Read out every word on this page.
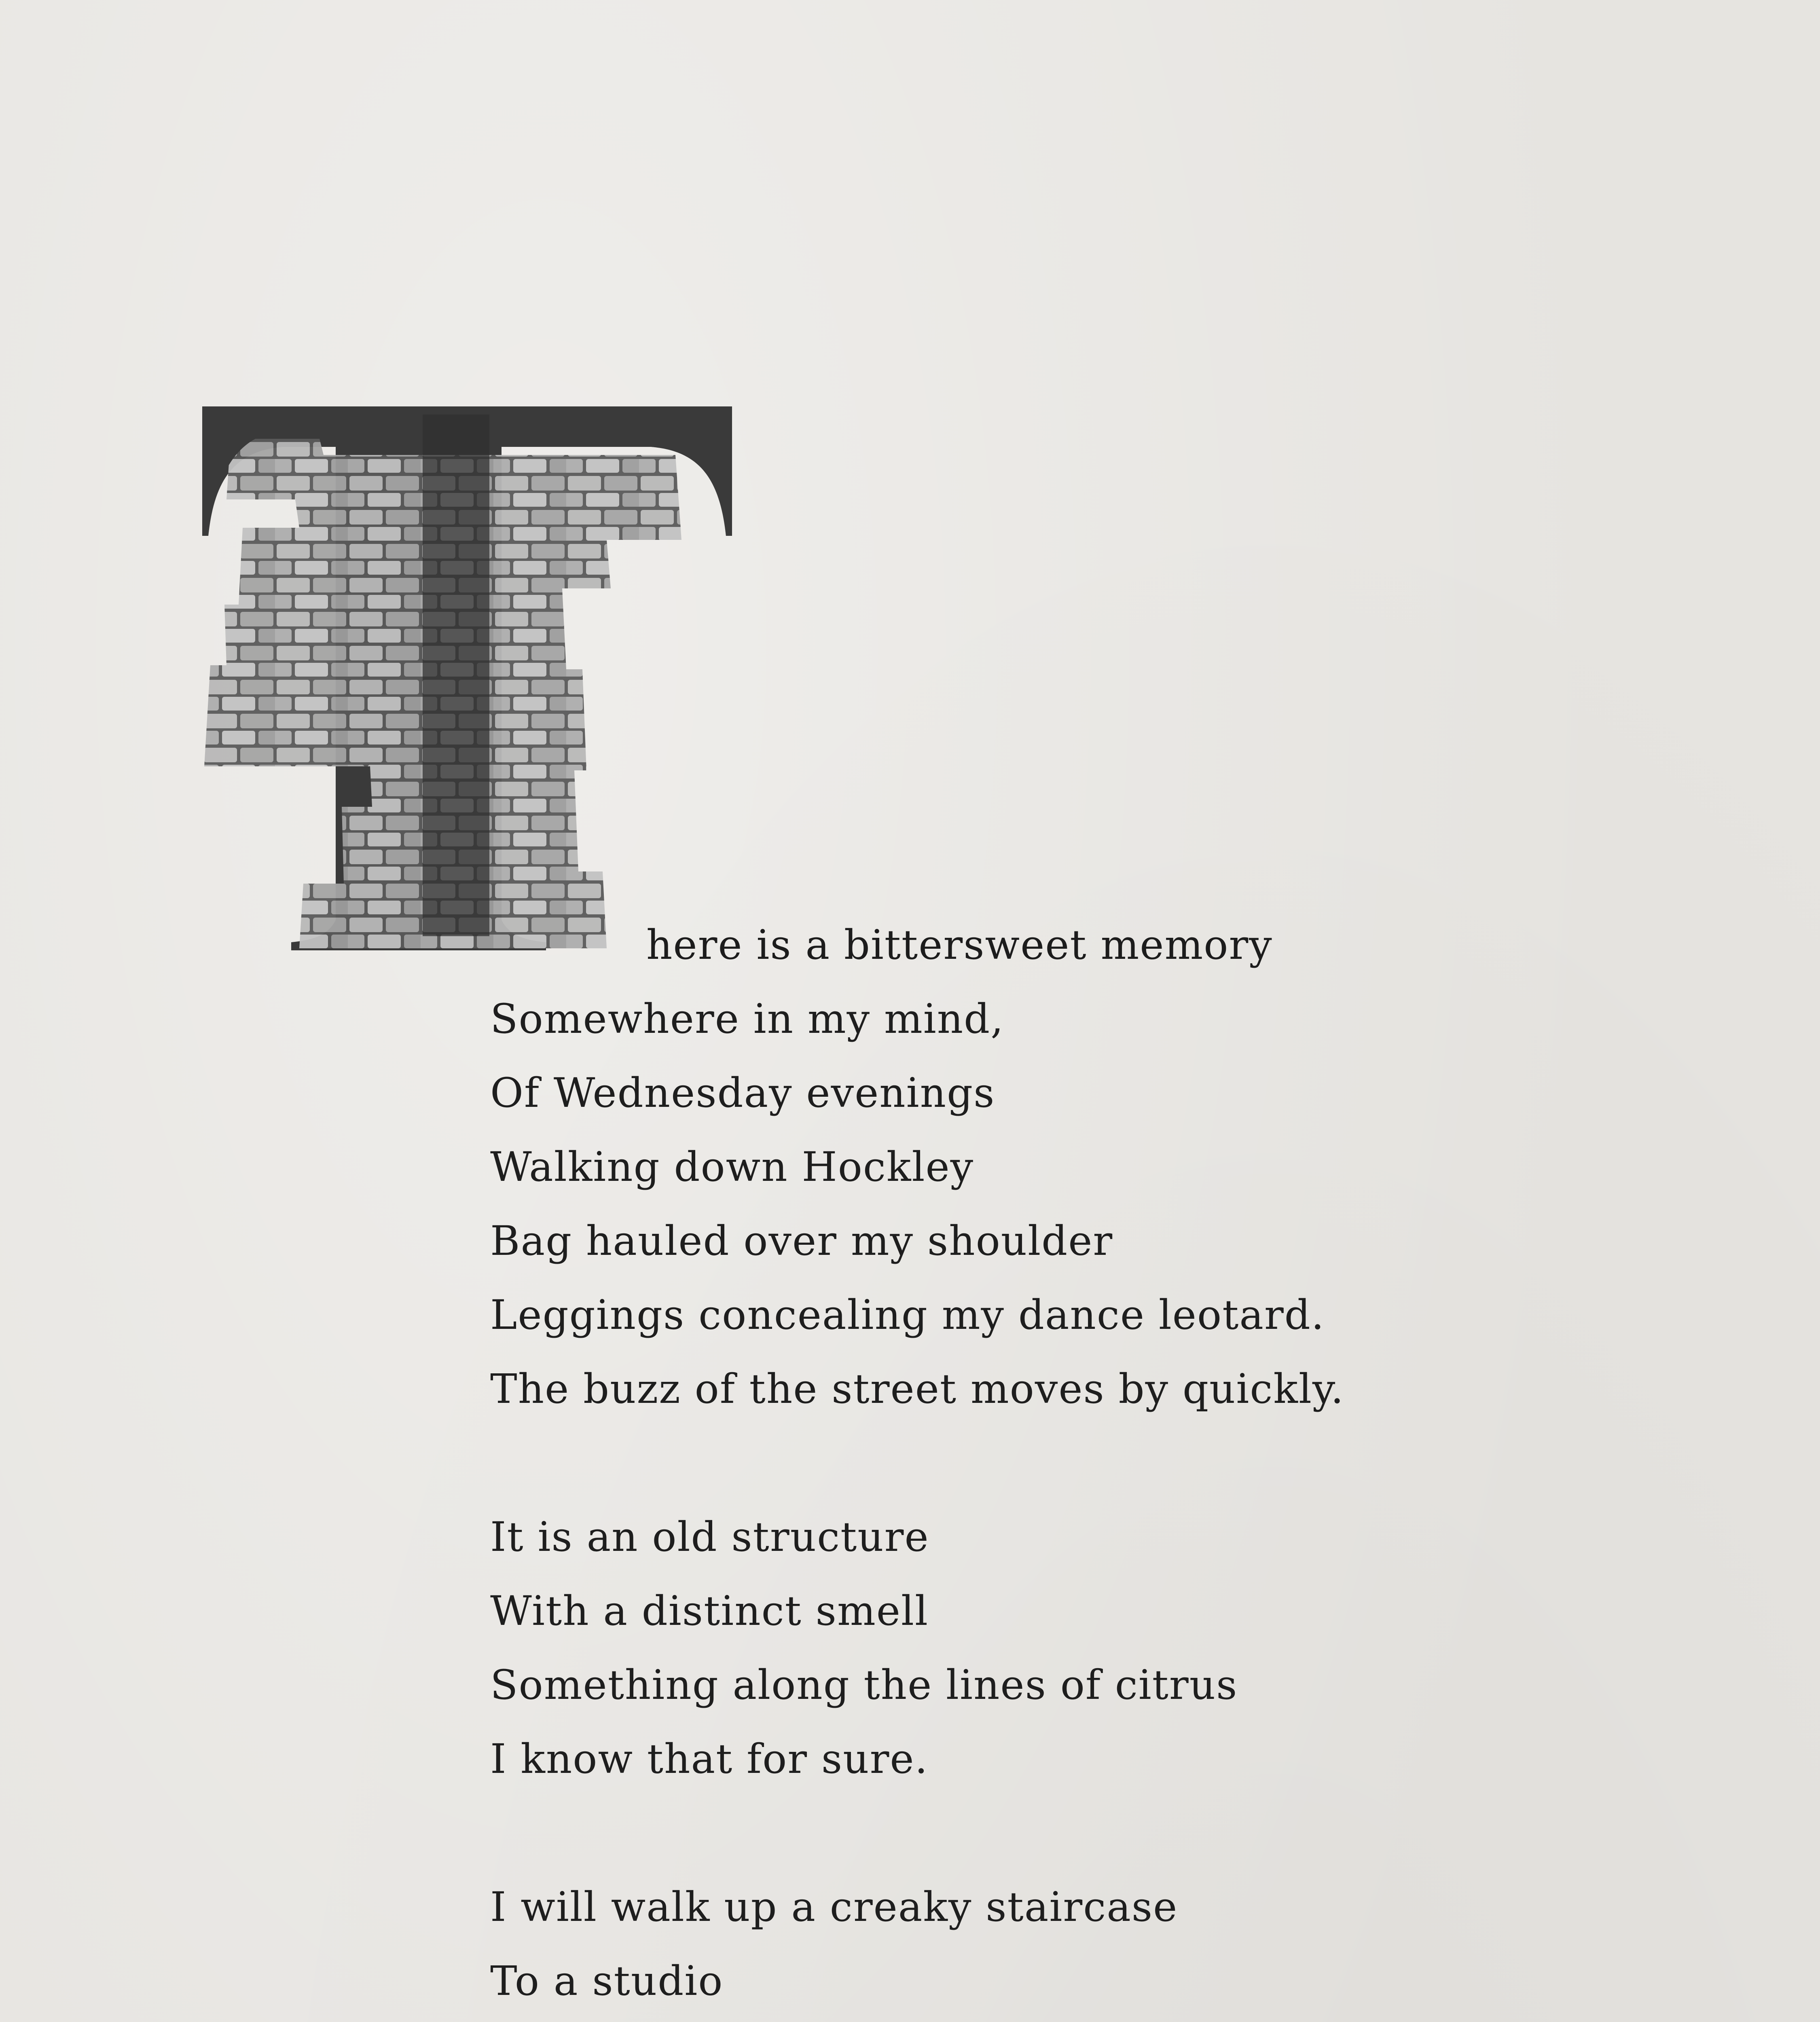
here is a bittersweet memory
Somewhere in my mind,
Of Wednesday evenings
Walking down Hockley
Bag hauled over my shoulder
Leggings concealing my dance leotard.
The buzz of the street moves by quickly.
It is an old structure
With a distinct smell
Something along the lines of citrus
I know that for sure.
I will walk up a creaky staircase
To a studio
